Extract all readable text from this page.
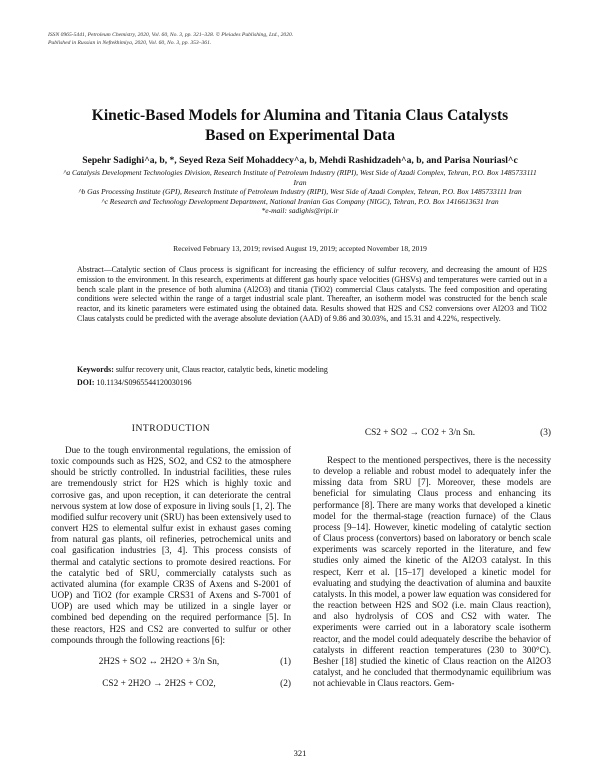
ISSN 0965-5441, Petroleum Chemistry, 2020, Vol. 60, No. 3, pp. 321–328. © Pleiades Publishing, Ltd., 2020.
Published in Russian in Neftekhimiya, 2020, Vol. 60, No. 3, pp. 353–361.
Kinetic-Based Models for Alumina and Titania Claus Catalysts
Based on Experimental Data
Sepehr Sadighi^a, b, *, Seyed Reza Seif Mohaddecy^a, b, Mehdi Rashidzadeh^a, b, and Parisa Nouriasl^c
^a Catalysis Development Technologies Division, Research Institute of Petroleum Industry (RIPI), West Side of Azadi Complex, Tehran, P.O. Box 1485733111 Iran
^b Gas Processing Institute (GPI), Research Institute of Petroleum Industry (RIPI), West Side of Azadi Complex, Tehran, P.O. Box 1485733111 Iran
^c Research and Technology Development Department, National Iranian Gas Company (NIGC), Tehran, P.O. Box 1416613631 Iran
*e-mail: sadighis@ripi.ir
Received February 13, 2019; revised August 19, 2019; accepted November 18, 2019
Abstract—Catalytic section of Claus process is significant for increasing the efficiency of sulfur recovery, and decreasing the amount of H2S emission to the environment. In this research, experiments at different gas hourly space velocities (GHSVs) and temperatures were carried out in a bench scale plant in the presence of both alumina (Al2O3) and titania (TiO2) commercial Claus catalysts. The feed composition and operating conditions were selected within the range of a target industrial scale plant. Thereafter, an isotherm model was constructed for the bench scale reactor, and its kinetic parameters were estimated using the obtained data. Results showed that H2S and CS2 conversions over Al2O3 and TiO2 Claus catalysts could be predicted with the average absolute deviation (AAD) of 9.86 and 30.03%, and 15.31 and 4.22%, respectively.
Keywords: sulfur recovery unit, Claus reactor, catalytic beds, kinetic modeling
DOI: 10.1134/S0965544120030196
INTRODUCTION

Due to the tough environmental regulations, the emission of toxic compounds such as H2S, SO2, and CS2 to the atmosphere should be strictly controlled. In industrial facilities, these rules are tremendously strict for H2S which is highly toxic and corrosive gas, and upon reception, it can deteriorate the central nervous system at low dose of exposure in living souls [1, 2]. The modified sulfur recovery unit (SRU) has been extensively used to convert H2S to elemental sulfur exist in exhaust gases coming from natural gas plants, oil refineries, petrochemical units and coal gasification industries [3, 4]. This process consists of thermal and catalytic sections to promote desired reactions. For the catalytic bed of SRU, commercially catalysts such as activated alumina (for example CR3S of Axens and S-2001 of UOP) and TiO2 (for example CRS31 of Axens and S-7001 of UOP) are used which may be utilized in a single layer or combined bed depending on the required performance [5]. In these reactors, H2S and CS2 are converted to sulfur or other compounds through the following reactions [6]:

2H2S + SO2 ↔ 2H2O + 3/n Sn,	(1)
CS2 + 2H2O → 2H2S + CO2,	(2)
CS2 + SO2 → CO2 + 3/n Sn.	(3)

Respect to the mentioned perspectives, there is the necessity to develop a reliable and robust model to adequately infer the missing data from SRU [7]. Moreover, these models are beneficial for simulating Claus process and enhancing its performance [8]. There are many works that developed a kinetic model for the thermal-stage (reaction furnace) of the Claus process [9–14]. However, kinetic modeling of catalytic section of Claus process (convertors) based on laboratory or bench scale experiments was scarcely reported in the literature, and few studies only aimed the kinetic of the Al2O3 catalyst. In this respect, Kerr et al. [15–17] developed a kinetic model for evaluating and studying the deactivation of alumina and bauxite catalysts. In this model, a power law equation was considered for the reaction between H2S and SO2 (i.e. main Claus reaction), and also hydrolysis of COS and CS2 with water. The experiments were carried out in a laboratory scale isotherm reactor, and the model could adequately describe the behavior of catalysts in different reaction temperatures (230 to 300°C). Besher [18] studied the kinetic of Claus reaction on the Al2O3 catalyst, and he concluded that thermodynamic equilibrium was not achievable in Claus reactors. Gem-

321
